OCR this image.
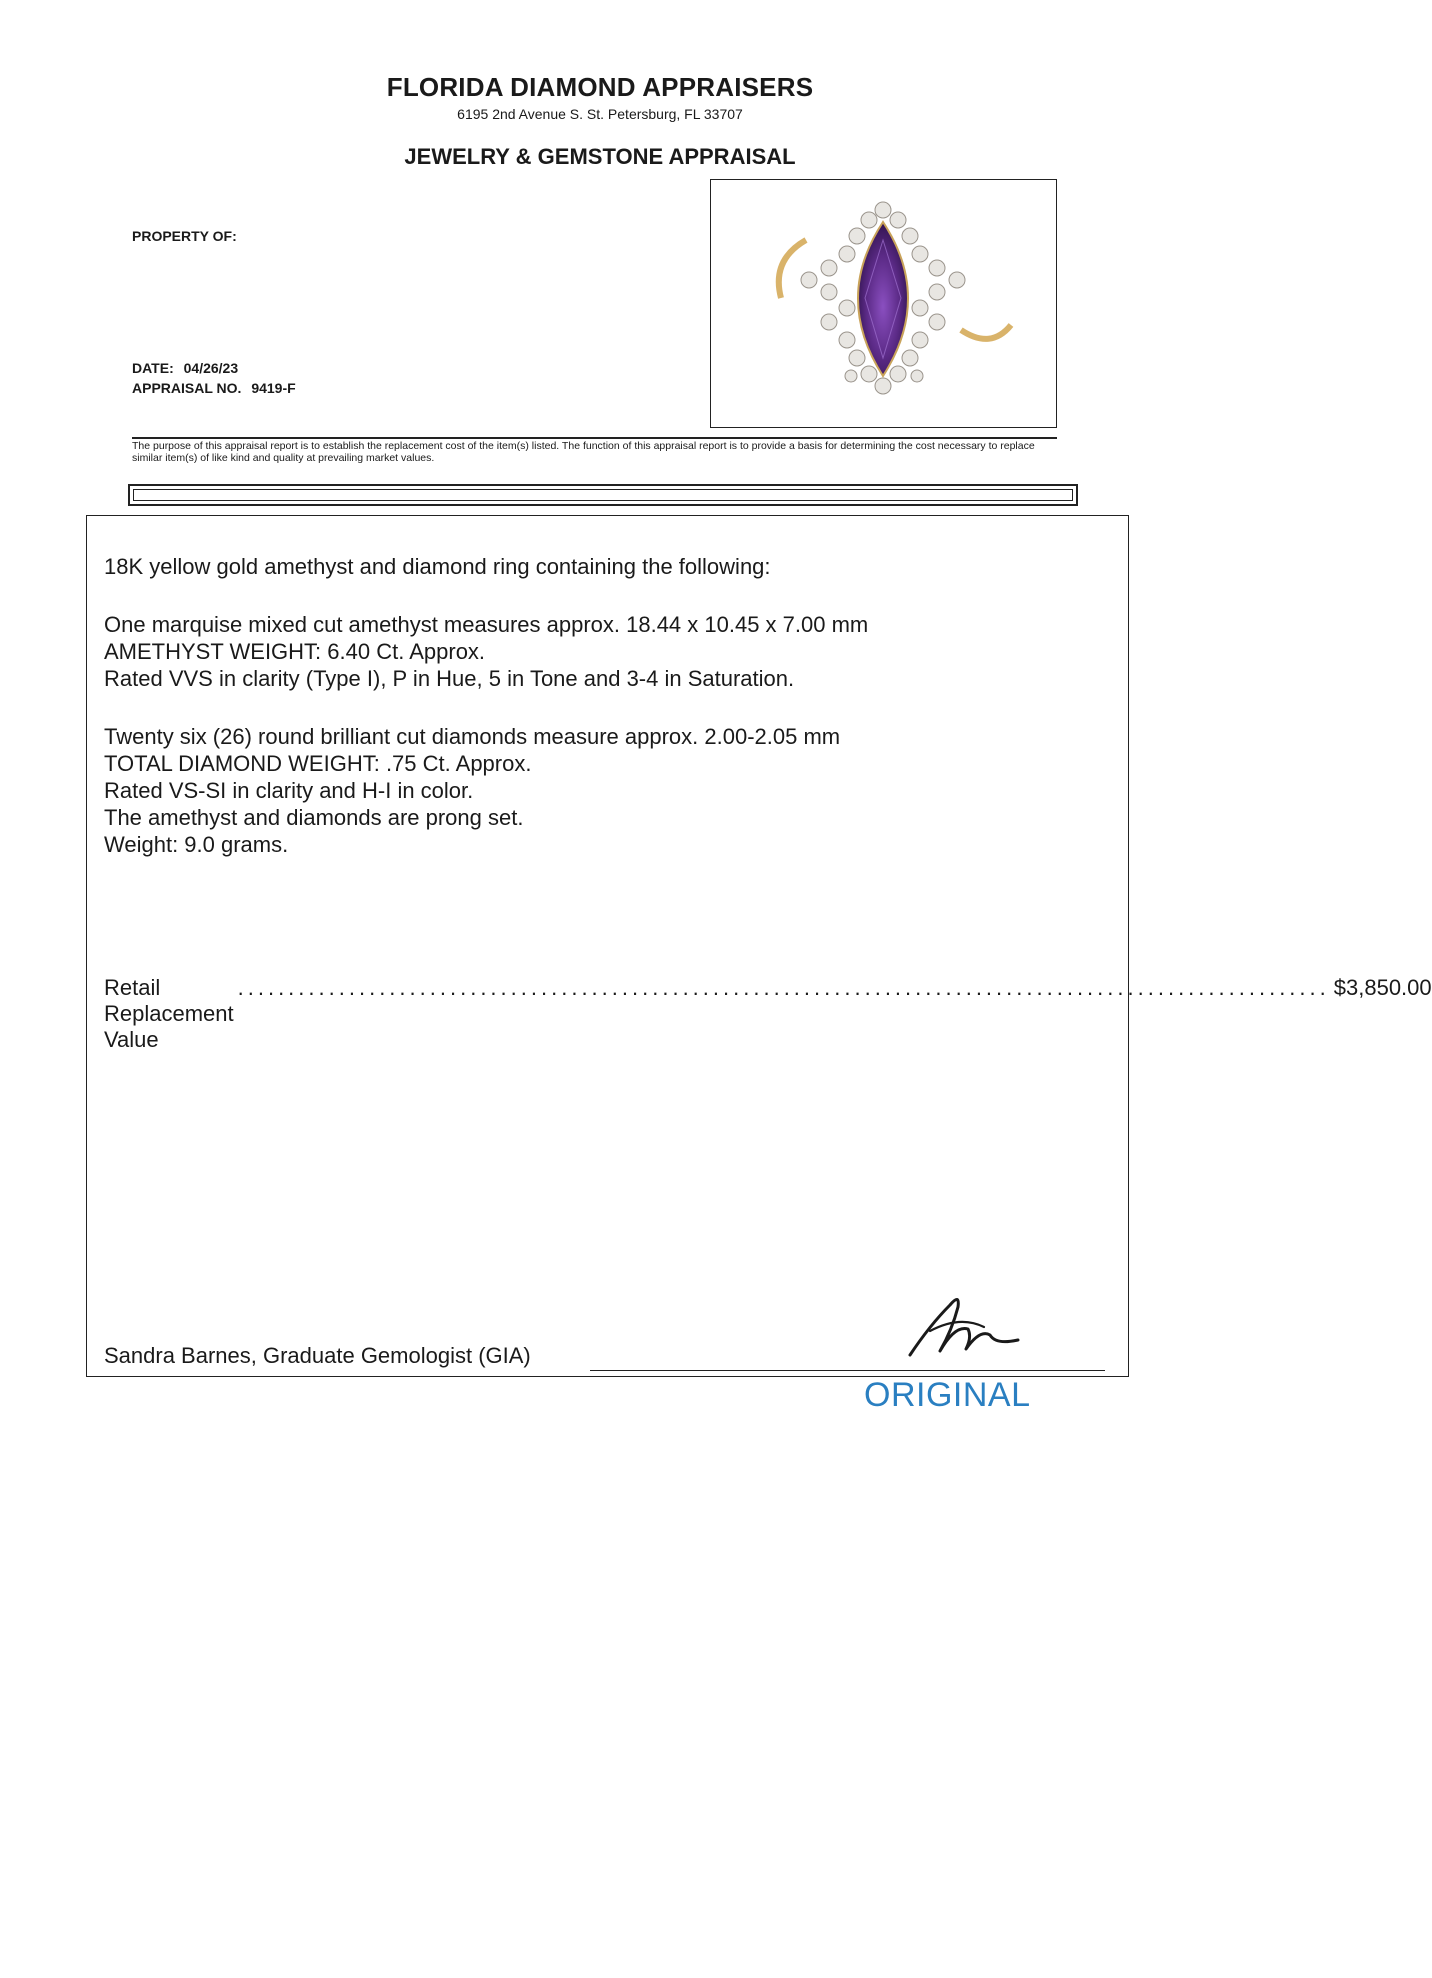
FLORIDA DIAMOND APPRAISERS
6195 2nd Avenue S. St. Petersburg, FL 33707
JEWELRY & GEMSTONE APPRAISAL
PROPERTY OF:
DATE: 04/26/23
APPRAISAL NO. 9419-F
The purpose of this appraisal report is to establish the replacement cost of the item(s) listed. The function of this appraisal report is to provide a basis for determining the cost necessary to replace similar item(s) of like kind and quality at prevailing market values.
18K yellow gold amethyst and diamond ring containing the following:
One marquise mixed cut amethyst measures approx. 18.44 x 10.45 x 7.00 mm
AMETHYST WEIGHT: 6.40 Ct. Approx.
Rated VVS in clarity (Type I), P in Hue, 5 in Tone and 3-4 in Saturation.
Twenty six (26) round brilliant cut diamonds measure approx. 2.00-2.05 mm
TOTAL DIAMOND WEIGHT: .75 Ct. Approx.
Rated VS-SI in clarity and H-I in color.
The amethyst and diamonds are prong set.
Weight: 9.0 grams.
Retail Replacement Value
............................................................................................................ $3,850.00
Sandra Barnes, Graduate Gemologist (GIA)
ORIGINAL
